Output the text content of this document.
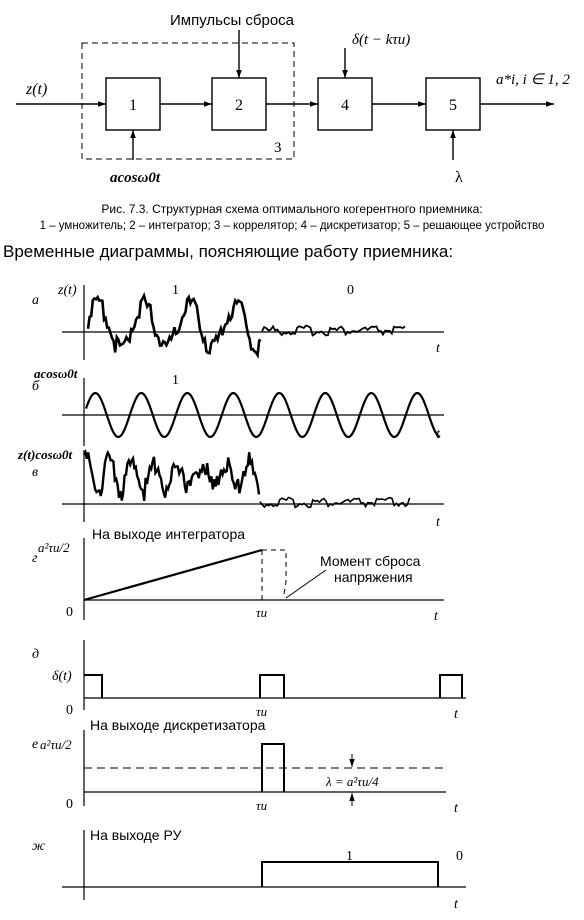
1	2	4	5
3
z(t)
Импульсы сброса
δ(t − kτи)
a*i, i ∈ 1, 2
acosω0t	λ
а
б
в
г
д
е
ж
z(t)
acosω0t
z(t)cosω0t
δ(t)
1	0
1
1	0
t
t
t
t
t
t
t
На выходе интегратора
a²τи/2
0	τи
Момент сброса
напряжения
0	τи
На выходе дискретизатора
a²τи/2
0	τи
λ = a²τи/4
На выходе РУ
Рис. 7.3. Структурная схема оптимального когерентного приемника:
1 – умножитель; 2 – интегратор; 3 – коррелятор; 4 – дискретизатор; 5 – решающее устройство
Временные диаграммы, поясняющие работу приемника:
